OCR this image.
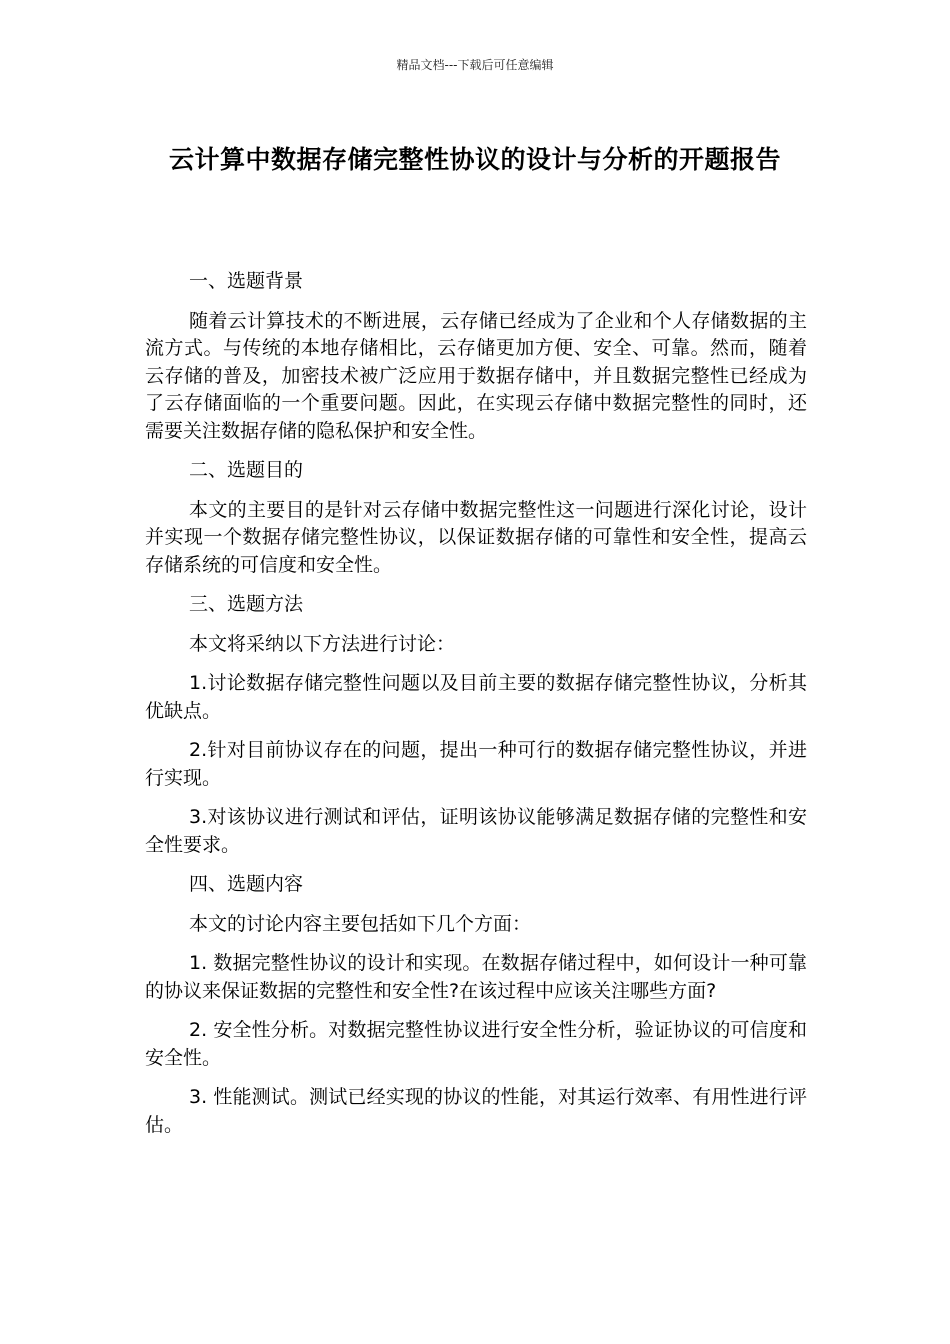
精品文档---下载后可任意编辑
云计算中数据存储完整性协议的设计与分析的开题报告

一、选题背景

随着云计算技术的不断进展，云存储已经成为了企业和个人存储数据的主流方式。与传统的本地存储相比，云存储更加方便、安全、可靠。然而，随着云存储的普及，加密技术被广泛应用于数据存储中，并且数据完整性已经成为了云存储面临的一个重要问题。因此，在实现云存储中数据完整性的同时，还需要关注数据存储的隐私保护和安全性。

二、选题目的

本文的主要目的是针对云存储中数据完整性这一问题进行深化讨论，设计并实现一个数据存储完整性协议，以保证数据存储的可靠性和安全性，提高云存储系统的可信度和安全性。

三、选题方法

本文将采纳以下方法进行讨论：

1.讨论数据存储完整性问题以及目前主要的数据存储完整性协议，分析其优缺点。

2.针对目前协议存在的问题，提出一种可行的数据存储完整性协议，并进行实现。

3.对该协议进行测试和评估，证明该协议能够满足数据存储的完整性和安全性要求。

四、选题内容

本文的讨论内容主要包括如下几个方面：

1. 数据完整性协议的设计和实现。在数据存储过程中，如何设计一种可靠的协议来保证数据的完整性和安全性?在该过程中应该关注哪些方面?

2. 安全性分析。对数据完整性协议进行安全性分析，验证协议的可信度和安全性。

3. 性能测试。测试已经实现的协议的性能，对其运行效率、有用性进行评估。
